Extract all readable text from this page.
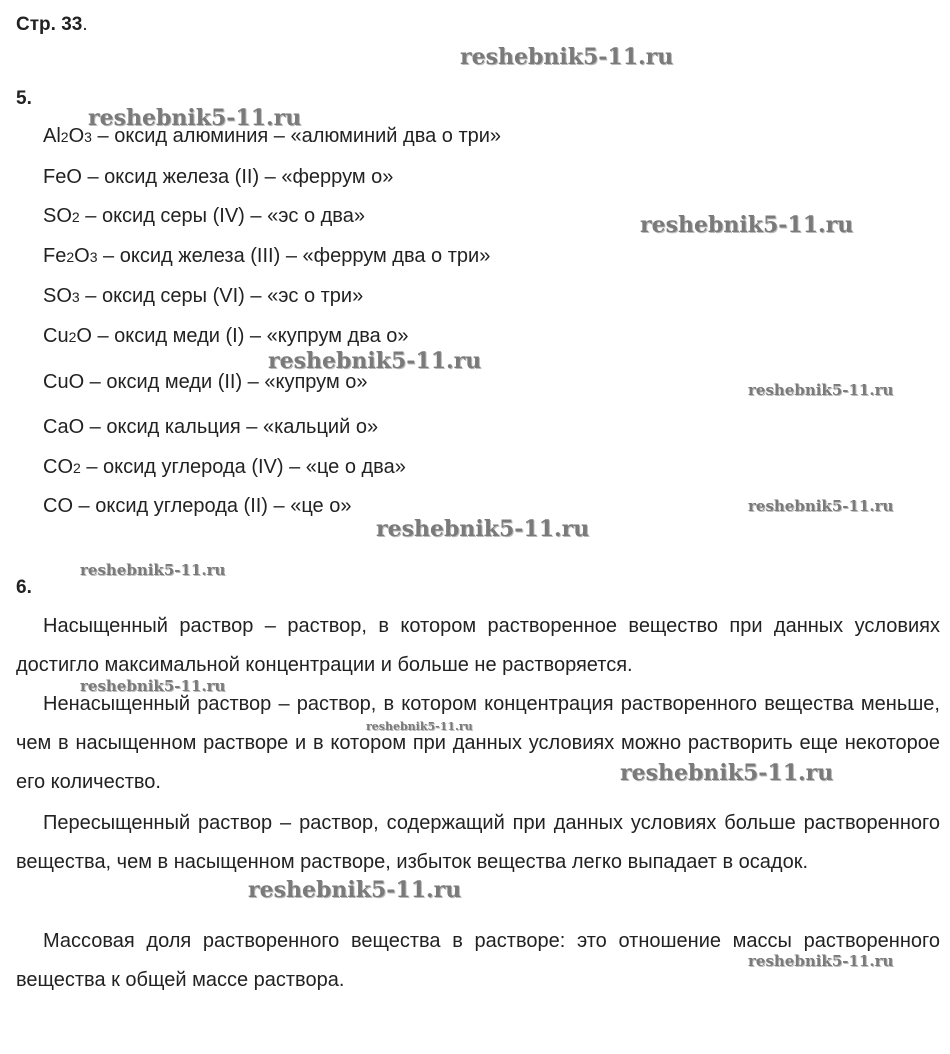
Стр. 33.
5.
Al2O3 – оксид алюминия – «алюминий два о три»
FeO – оксид железа (II) – «феррум о»
SO2 – оксид серы (IV) – «эс о два»
Fe2O3 – оксид железа (III) – «феррум два о три»
SO3 – оксид серы (VI) – «эс о три»
Cu2O – оксид меди (I) – «купрум два о»
CuO – оксид меди (II) – «купрум о»
CaO – оксид кальция – «кальций о»
CO2 – оксид углерода (IV) – «це о два»
CO – оксид углерода (II) – «це о»
6.

Насыщенный раствор – раствор, в котором растворенное вещество при данных условиях достигло максимальной концентрации и больше не растворяется.

Ненасыщенный раствор – раствор, в котором концентрация растворенного вещества меньше, чем в насыщенном растворе и в котором при данных условиях можно растворить еще некоторое его количество.

Пересыщенный раствор – раствор, содержащий при данных условиях больше растворенного вещества, чем в насыщенном растворе, избыток вещества легко выпадает в осадок.

Массовая доля растворенного вещества в растворе: это отношение массы растворенного вещества к общей массе раствора.

reshebnik5-11.ru
reshebnik5-11.ru
reshebnik5-11.ru
reshebnik5-11.ru
reshebnik5-11.ru
reshebnik5-11.ru
reshebnik5-11.ru
reshebnik5-11.ru
reshebnik5-11.ru
reshebnik5-11.ru
reshebnik5-11.ru
reshebnik5-11.ru
reshebnik5-11.ru
